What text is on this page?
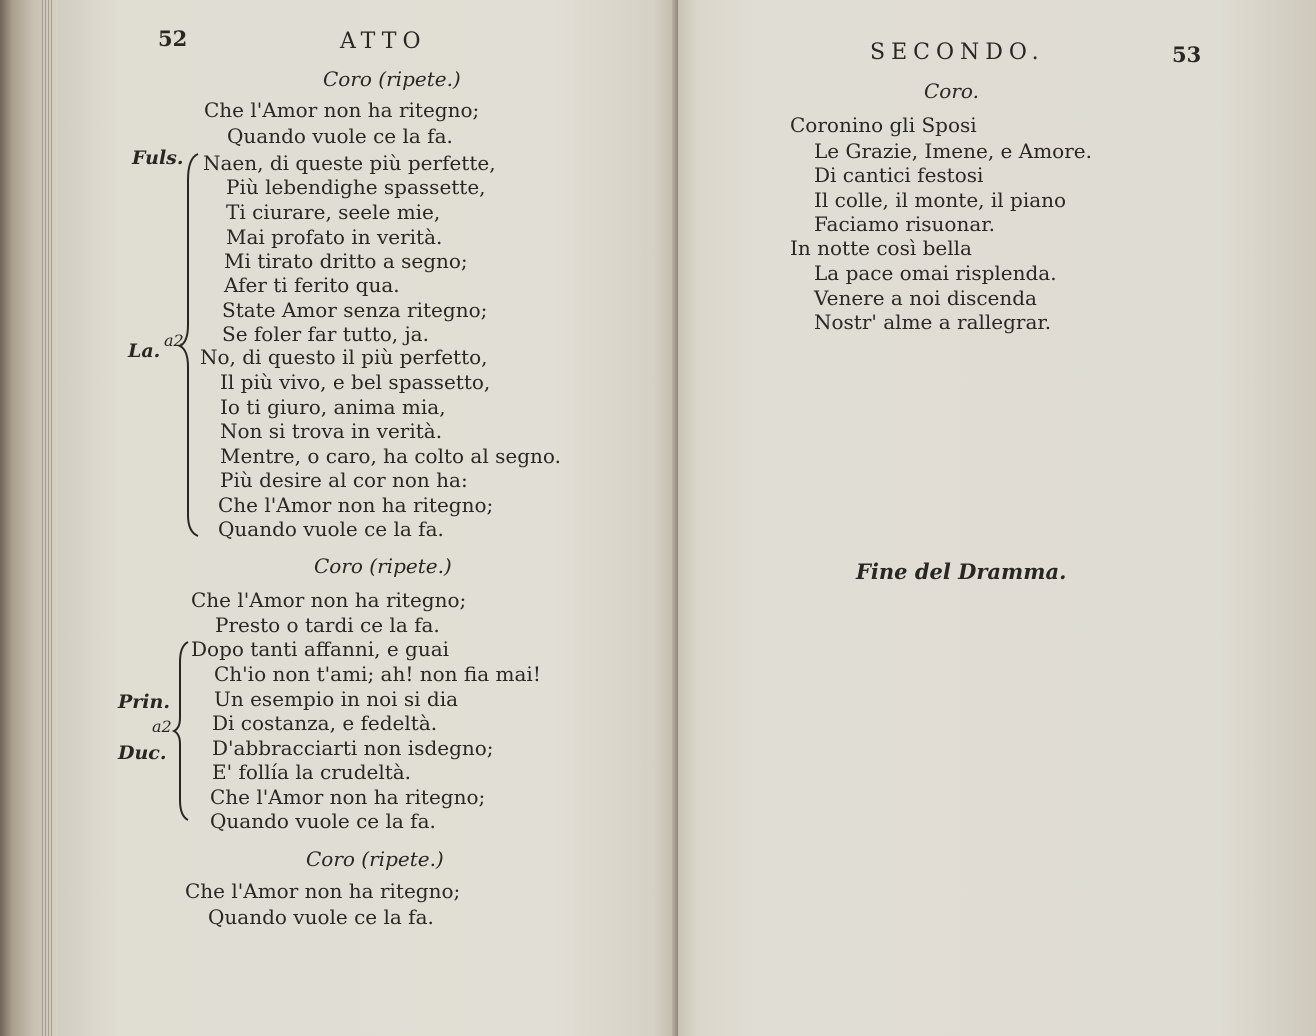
52	ATTO
Coro (ripete.)
Che l'Amor non ha ritegno;
Quando vuole ce la fa.
Fuls. Naen, di queste più perfette,
Più lebendighe spassette,
Ti ciurare, seele mie,
Mai profato in verità.
Mi tirato dritto a segno;
Afer ti ferito qua.
State Amor senza ritegno;
Se foler far tutto, ja.
La. a2
No, di questo il più perfetto,
Il più vivo, e bel spassetto,
Io ti giuro, anima mia,
Non si trova in verità.
Mentre, o caro, ha colto al segno.
Più desire al cor non ha:
Che l'Amor non ha ritegno;
Quando vuole ce la fa.
Coro (ripete.)
Che l'Amor non ha ritegno;
Presto o tardi ce la fa.
Dopo tanti affanni, e guai
Ch'io non t'ami; ah! non fia mai!
Un esempio in noi si dia
Di costanza, e fedeltà.
D'abbracciarti non isdegno;
E' follía la crudeltà.
Che l'Amor non ha ritegno;
Quando vuole ce la fa.
Prin.
a2
Duc.
Coro (ripete.)
Che l'Amor non ha ritegno;
Quando vuole ce la fa.
SECONDO.	53
Coro.
Coronino gli Sposi
Le Grazie, Imene, e Amore.
Di cantici festosi
Il colle, il monte, il piano
Faciamo risuonar.
In notte così bella
La pace omai risplenda.
Venere a noi discenda
Nostr' alme a rallegrar.
Fine del Dramma.
